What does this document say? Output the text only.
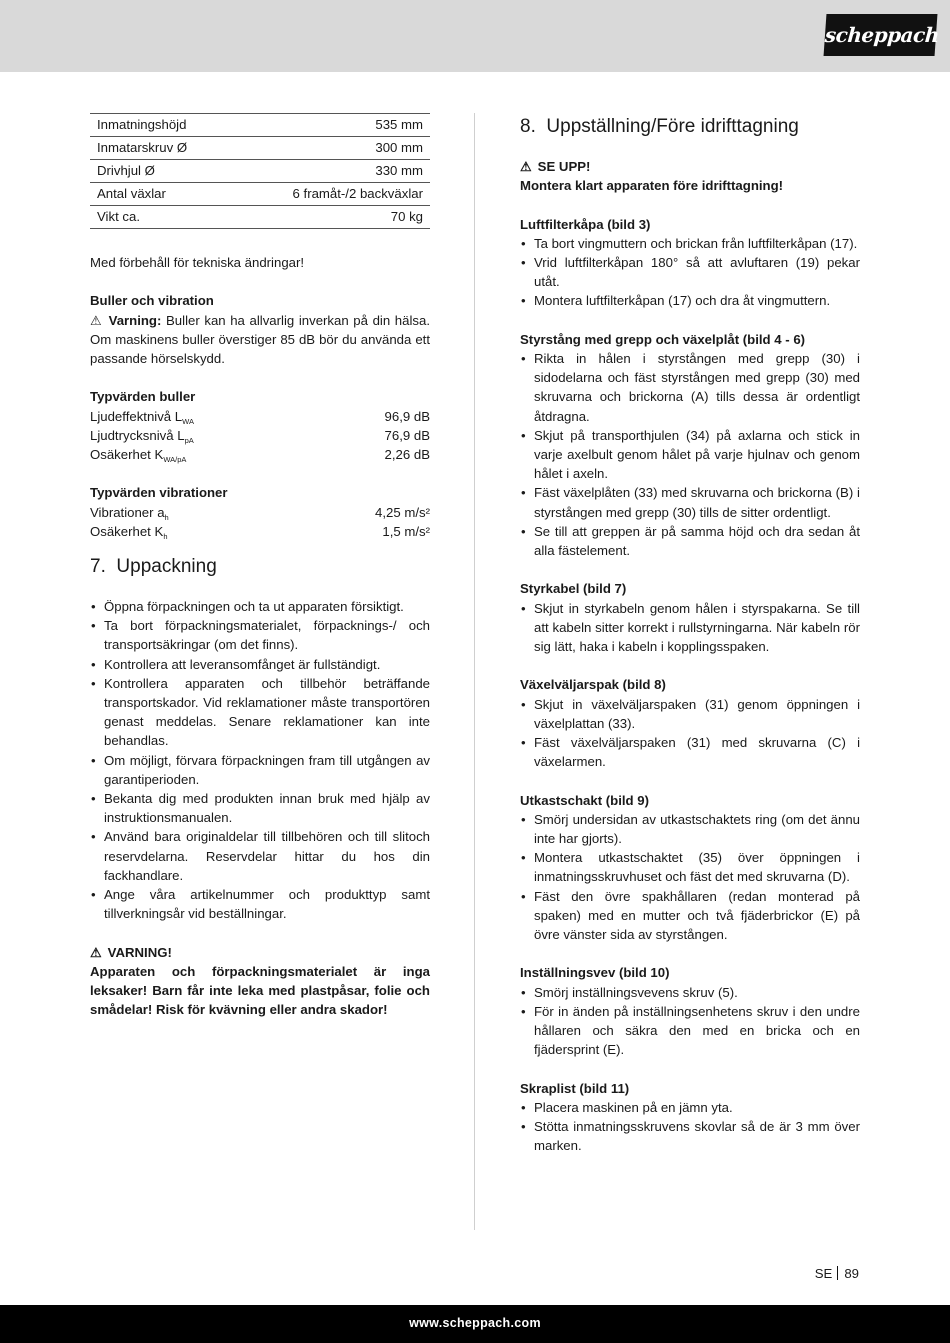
scheppach
Inmatningshöjd	535 mm
Inmatarskruv Ø	300 mm
Drivhjul Ø	330 mm
Antal växlar	6 framåt-/2 backväxlar
Vikt ca.	70 kg

Med förbehåll för tekniska ändringar!

Buller och vibration

⚠ Varning: Buller kan ha allvarlig inverkan på din hälsa. Om maskinens buller överstiger 85 dB bör du använda ett passande hörselskydd.

Typvärden buller

Ljudeffektnivå $L_{WA}$	96,9 dB
Ljudtrycksnivå $L_{pA}$	76,9 dB
Osäkerhet $K_{WA/pA}$	2,26 dB

Typvärden vibrationer

Vibrationer $a_h$	4,25 m/s²
Osäkerhet $K_h$	1,5 m/s²
7. Uppackning
• Öppna förpackningen och ta ut apparaten försiktigt.
• Ta bort förpackningsmaterialet, förpacknings-/ och transportsäkringar (om det finns).
• Kontrollera att leveransomfånget är fullständigt.
• Kontrollera apparaten och tillbehör beträffande transportskador. Vid reklamationer måste transportören genast meddelas. Senare reklamationer kan inte behandlas.
• Om möjligt, förvara förpackningen fram till utgången av garantiperioden.
• Bekanta dig med produkten innan bruk med hjälp av instruktionsmanualen.
• Använd bara originaldelar till tillbehören och till slitoch reservdelarna. Reservdelar hittar du hos din fackhandlare.
• Ange våra artikelnummer och produkttyp samt tillverkningsår vid beställningar.

⚠ VARNING!

Apparaten och förpackningsmaterialet är inga leksaker! Barn får inte leka med plastpåsar, folie och smådelar! Risk för kvävning eller andra skador!

8. Uppställning/Före idrifttagning

⚠ SE UPP!

Montera klart apparaten före idrifttagning!

Luftfilterkåpa (bild 3)

• Ta bort vingmuttern och brickan från luftfilterkåpan (17).
• Vrid luftfilterkåpan 180° så att avluftaren (19) pekar utåt.
• Montera luftfilterkåpan (17) och dra åt vingmuttern.

Styrstång med grepp och växelplåt (bild 4 - 6)

• Rikta in hålen i styrstången med grepp (30) i sidodelarna och fäst styrstången med grepp (30) med skruvarna och brickorna (A) tills dessa är ordentligt åtdragna.
• Skjut på transporthjulen (34) på axlarna och stick in varje axelbult genom hålet på varje hjulnav och genom hålet i axeln.
• Fäst växelplåten (33) med skruvarna och brickorna (B) i styrstången med grepp (30) tills de sitter ordentligt.
• Se till att greppen är på samma höjd och dra sedan åt alla fästelement.

Styrkabel (bild 7)

• Skjut in styrkabeln genom hålen i styrspakarna. Se till att kabeln sitter korrekt i rullstyrningarna. När kabeln rör sig lätt, haka i kabeln i kopplingsspaken.

Växelväljarspak (bild 8)

• Skjut in växelväljarspaken (31) genom öppningen i växelplattan (33).
• Fäst växelväljarspaken (31) med skruvarna (C) i växelarmen.

Utkastschakt (bild 9)

• Smörj undersidan av utkastschaktets ring (om det ännu inte har gjorts).
• Montera utkastschaktet (35) över öppningen i inmatningsskruvhuset och fäst det med skruvarna (D).
• Fäst den övre spakhållaren (redan monterad på spaken) med en mutter och två fjäderbrickor (E) på övre vänster sida av styrstången.

Inställningsvev (bild 10)

• Smörj inställningsvevens skruv (5).
• För in änden på inställningsenhetens skruv i den undre hållaren och säkra den med en bricka och en fjädersprint (E).

Skraplist (bild 11)

• Placera maskinen på en jämn yta.
• Stötta inmatningsskruvens skovlar så de är 3 mm över marken.
SE 89
www.scheppach.com
